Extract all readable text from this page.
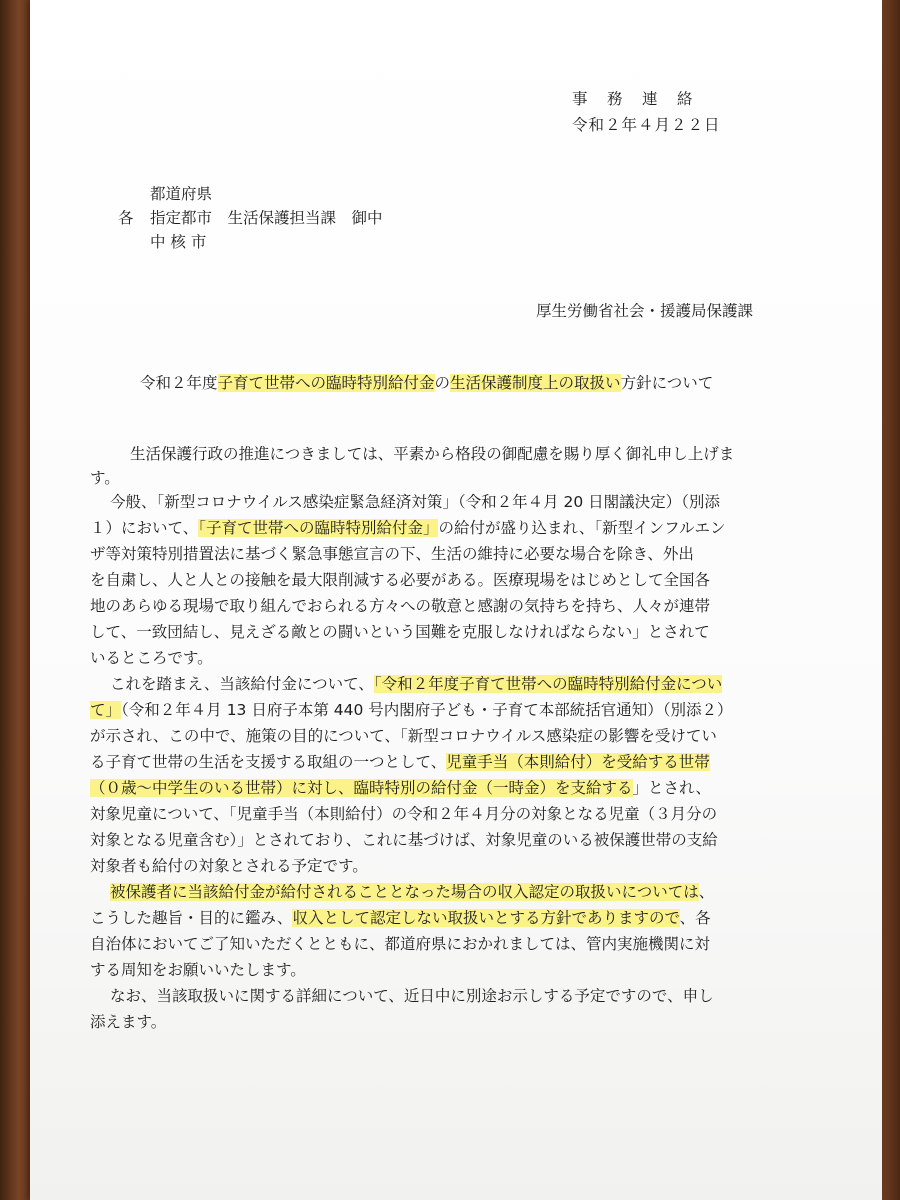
事　務　連　絡
令和２年４月２２日
都道府県
各 指定都市　生活保護担当課　御中
中 核 市
厚生労働省社会・援護局保護課
令和２年度子育て世帯への臨時特別給付金の生活保護制度上の取扱い方針について
生活保護行政の推進につきましては、平素から格段の御配慮を賜り厚く御礼申し上げま
す。
今般、「新型コロナウイルス感染症緊急経済対策」（令和２年４月 20 日閣議決定）（別添
１）において、「子育て世帯への臨時特別給付金」の給付が盛り込まれ、「新型インフルエン
ザ等対策特別措置法に基づく緊急事態宣言の下、生活の維持に必要な場合を除き、外出
を自粛し、人と人との接触を最大限削減する必要がある。医療現場をはじめとして全国各
地のあらゆる現場で取り組んでおられる方々への敬意と感謝の気持ちを持ち、人々が連帯
して、一致団結し、見えざる敵との闘いという国難を克服しなければならない」とされて
いるところです。
これを踏まえ、当該給付金について、「令和２年度子育て世帯への臨時特別給付金につい
て」（令和２年４月 13 日府子本第 440 号内閣府子ども・子育て本部統括官通知）（別添２）
が示され、この中で、施策の目的について、「新型コロナウイルス感染症の影響を受けてい
る子育て世帯の生活を支援する取組の一つとして、児童手当（本則給付）を受給する世帯
（０歳～中学生のいる世帯）に対し、臨時特別の給付金（一時金）を支給する」とされ、
対象児童について、「児童手当（本則給付）の令和２年４月分の対象となる児童（３月分の
対象となる児童含む）」とされており、これに基づけば、対象児童のいる被保護世帯の支給
対象者も給付の対象とされる予定です。
被保護者に当該給付金が給付されることとなった場合の収入認定の取扱いについては、
こうした趣旨・目的に鑑み、収入として認定しない取扱いとする方針でありますので、各
自治体においてご了知いただくとともに、都道府県におかれましては、管内実施機関に対
する周知をお願いいたします。
なお、当該取扱いに関する詳細について、近日中に別途お示しする予定ですので、申し
添えます。
